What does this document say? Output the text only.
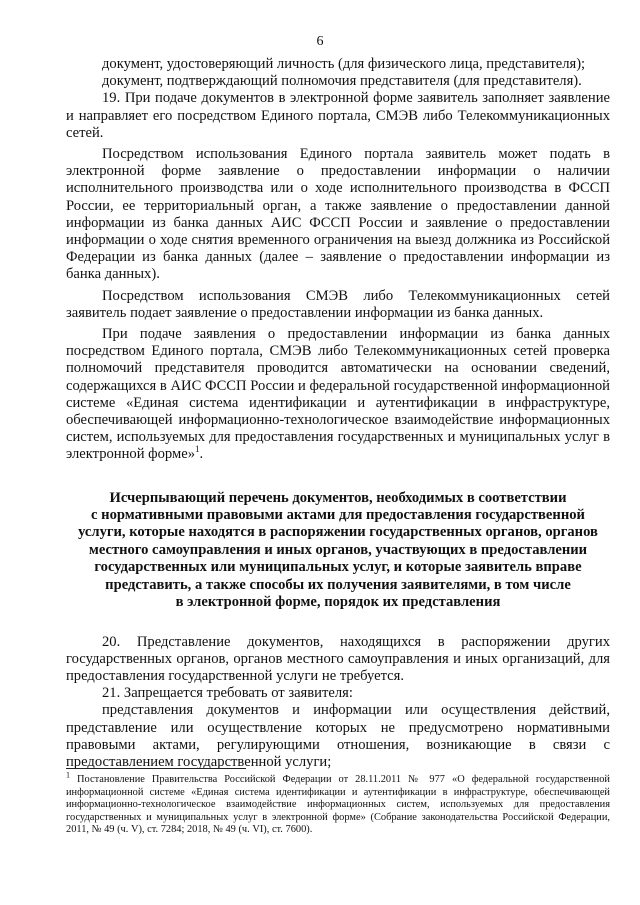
6

документ, удостоверяющий личность (для физического лица, представителя);

документ, подтверждающий полномочия представителя (для представителя).

19. При подаче документов в электронной форме заявитель заполняет заявление и направляет его посредством Единого портала, СМЭВ либо Телекоммуникационных сетей.

Посредством использования Единого портала заявитель может подать в электронной форме заявление о предоставлении информации о наличии исполнительного производства или о ходе исполнительного производства в ФССП России, ее территориальный орган, а также заявление о предоставлении данной информации из банка данных АИС ФССП России и заявление о предоставлении информации о ходе снятия временного ограничения на выезд должника из Российской Федерации из банка данных (далее – заявление о предоставлении информации из банка данных).

Посредством использования СМЭВ либо Телекоммуникационных сетей заявитель подает заявление о предоставлении информации из банка данных.

При подаче заявления о предоставлении информации из банка данных посредством Единого портала, СМЭВ либо Телекоммуникационных сетей проверка полномочий представителя проводится автоматически на основании сведений, содержащихся в АИС ФССП России и федеральной государственной информационной системе «Единая система идентификации и аутентификации в инфраструктуре, обеспечивающей информационно-технологическое взаимодействие информационных систем, используемых для предоставления государственных и муниципальных услуг в электронной форме»$^1$.

Исчерпывающий перечень документов, необходимых в соответствии
с нормативными правовыми актами для предоставления государственной
услуги, которые находятся в распоряжении государственных органов, органов
местного самоуправления и иных органов, участвующих в предоставлении
государственных или муниципальных услуг, и которые заявитель вправе
представить, а также способы их получения заявителями, в том числе
в электронной форме, порядок их представления

20. Представление документов, находящихся в распоряжении других государственных органов, органов местного самоуправления и иных организаций, для предоставления государственной услуги не требуется.

21. Запрещается требовать от заявителя:

представления документов и информации или осуществления действий, представление или осуществление которых не предусмотрено нормативными правовыми актами, регулирующими отношения, возникающие в связи с предоставлением государственной услуги;

$^1$ Постановление Правительства Российской Федерации от 28.11.2011 № 977 «О федеральной государственной информационной системе «Единая система идентификации и аутентификации в инфраструктуре, обеспечивающей информационно-технологическое взаимодействие информационных систем, используемых для предоставления государственных и муниципальных услуг в электронной форме» (Собрание законодательства Российской Федерации, 2011, № 49 (ч. V), ст. 7284; 2018, № 49 (ч. VI), ст. 7600).
